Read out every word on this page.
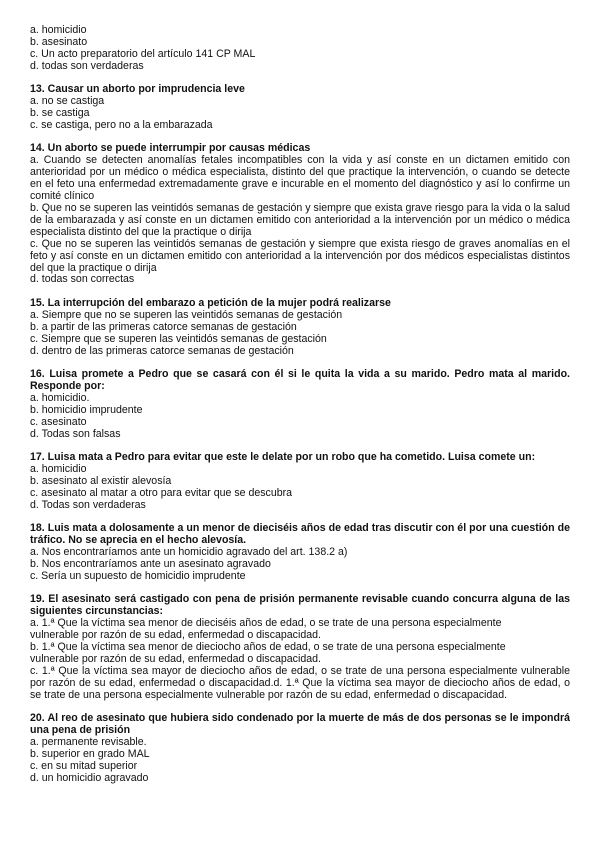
a. homicidio
b. asesinato
c. Un acto preparatorio del artículo 141 CP MAL
d. todas son verdaderas
13. Causar un aborto por imprudencia leve
a. no se castiga
b. se castiga
c. se castiga, pero no a la embarazada
14. Un aborto se puede interrumpir por causas médicas
a. Cuando se detecten anomalías fetales incompatibles con la vida y así conste en un dictamen emitido con anterioridad por un médico o médica especialista, distinto del que practique la intervención, o cuando se detecte en el feto una enfermedad extremadamente grave e incurable en el momento del diagnóstico y así lo confirme un comité clínico
b. Que no se superen las veintidós semanas de gestación y siempre que exista grave riesgo para la vida o la salud de la embarazada y así conste en un dictamen emitido con anterioridad a la intervención por un médico o médica especialista distinto del que la practique o dirija
c. Que no se superen las veintidós semanas de gestación y siempre que exista riesgo de graves anomalías en el feto y así conste en un dictamen emitido con anterioridad a la intervención por dos médicos especialistas distintos del que la practique o dirija
d. todas son correctas
15. La interrupción del embarazo a petición de la mujer podrá realizarse
a. Siempre que no se superen las veintidós semanas de gestación
b. a partir de las primeras catorce semanas de gestación
c. Siempre que se superen las veintidós semanas de gestación
d. dentro de las primeras catorce semanas de gestación
16. Luisa promete a Pedro que se casará con él si le quita la vida a su marido. Pedro mata al marido. Responde por:
a. homicidio.
b. homicidio imprudente
c. asesinato
d. Todas son falsas
17. Luisa mata a Pedro para evitar que este le delate por un robo que ha cometido. Luisa comete un:
a. homicidio
b. asesinato al existir alevosía
c. asesinato al matar a otro para evitar que se descubra
d. Todas son verdaderas
18. Luis mata a dolosamente a un menor de dieciséis años de edad tras discutir con él por una cuestión de tráfico. No se aprecia en el hecho alevosía.
a. Nos encontraríamos ante un homicidio agravado del art. 138.2 a)
b. Nos encontraríamos ante un asesinato agravado
c. Sería un supuesto de homicidio imprudente
19. El asesinato será castigado con pena de prisión permanente revisable cuando concurra alguna de las siguientes circunstancias:
a. 1.ª Que la víctima sea menor de dieciséis años de edad, o se trate de una persona especialmente
vulnerable por razón de su edad, enfermedad o discapacidad.
b. 1.ª Que la víctima sea menor de dieciocho años de edad, o se trate de una persona especialmente
vulnerable por razón de su edad, enfermedad o discapacidad.
c. 1.ª Que la víctima sea mayor de dieciocho años de edad, o se trate de una persona especialmente vulnerable por razón de su edad, enfermedad o discapacidad.d. 1.ª Que la víctima sea mayor de dieciocho años de edad, o se trate de una persona especialmente vulnerable por razón de su edad, enfermedad o discapacidad.
20. Al reo de asesinato que hubiera sido condenado por la muerte de más de dos personas se le impondrá una pena de prisión
a. permanente revisable.
b. superior en grado MAL
c. en su mitad superior
d. un homicidio agravado
